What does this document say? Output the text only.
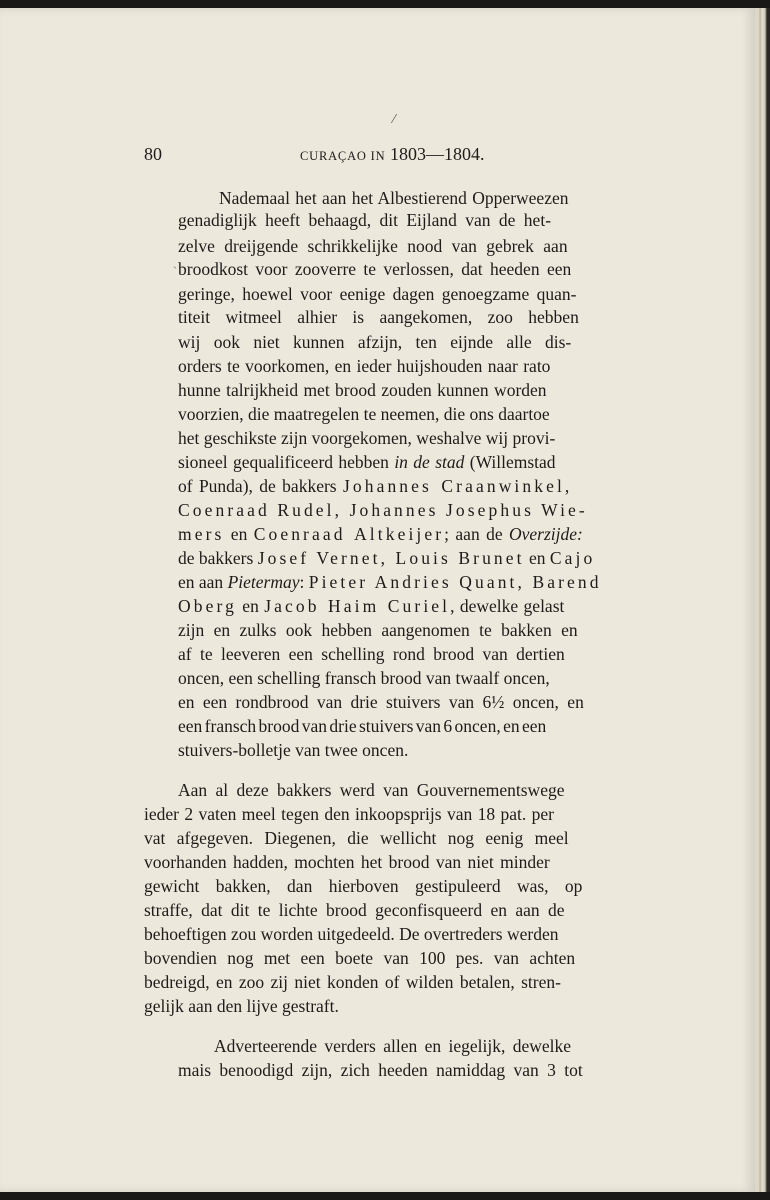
⁄
ˎ
80	CURAÇAO IN 1803—1804.
Nademaal het aan het Albestierend Opperweezen
genadiglijk heeft behaagd, dit Eijland van de het-
zelve dreijgende schrikkelijke nood van gebrek aan
broodkost voor zooverre te verlossen, dat heeden een
geringe, hoewel voor eenige dagen genoegzame quan-
titeit witmeel alhier is aangekomen, zoo hebben
wij ook niet kunnen afzijn, ten eijnde alle dis-
orders te voorkomen, en ieder huijshouden naar rato
hunne talrijkheid met brood zouden kunnen worden
voorzien, die maatregelen te neemen, die ons daartoe
het geschikste zijn voorgekomen, weshalve wij provi-
sioneel gequalificeerd hebben in de stad (Willemstad
of Punda), de bakkers Johannes Craanwinkel,
Coenraad Rudel, Johannes Josephus Wie-
mers en Coenraad Altkeijer; aan de Overzijde:
de bakkers Josef Vernet, Louis Brunet en Cajo
en aan Pietermay: Pieter Andries Quant, Barend
Oberg en Jacob Haim Curiel, dewelke gelast
zijn en zulks ook hebben aangenomen te bakken en
af te leeveren een schelling rond brood van dertien
oncen, een schelling fransch brood van twaalf oncen,
en een rondbrood van drie stuivers van 6½ oncen, en
een fransch brood van drie stuivers van 6 oncen, en een
stuivers-bolletje van twee oncen.
Aan al deze bakkers werd van Gouvernementswege
ieder 2 vaten meel tegen den inkoopsprijs van 18 pat. per
vat afgegeven. Diegenen, die wellicht nog eenig meel
voorhanden hadden, mochten het brood van niet minder
gewicht bakken, dan hierboven gestipuleerd was, op
straffe, dat dit te lichte brood geconfisqueerd en aan de
behoeftigen zou worden uitgedeeld. De overtreders werden
bovendien nog met een boete van 100 pes. van achten
bedreigd, en zoo zij niet konden of wilden betalen, stren-
gelijk aan den lijve gestraft.
Adverteerende verders allen en iegelijk, dewelke
mais benoodigd zijn, zich heeden namiddag van 3 tot
